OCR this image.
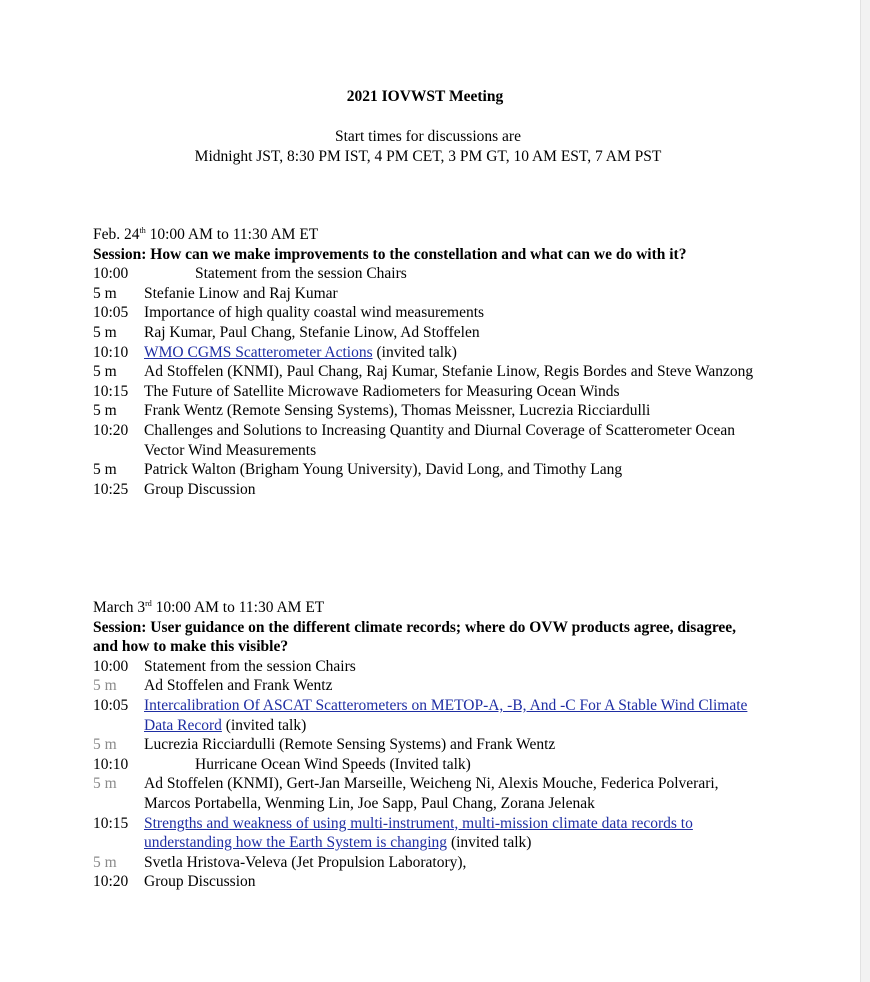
2021 IOVWST Meeting
Start times for discussions are
Midnight JST, 8:30 PM IST, 4 PM CET, 3 PM GT, 10 AM EST, 7 AM PST
Feb. 24th 10:00 AM to 11:30 AM ET
Session: How can we make improvements to the constellation and what can we do with it?
10:00	Statement from the session Chairs
5 m	Stefanie Linow and Raj Kumar
10:05	Importance of high quality coastal wind measurements
5 m	Raj Kumar, Paul Chang, Stefanie Linow, Ad Stoffelen
10:10	WMO CGMS Scatterometer Actions (invited talk)
5 m	Ad Stoffelen (KNMI), Paul Chang, Raj Kumar, Stefanie Linow, Regis Bordes and Steve Wanzong
10:15	The Future of Satellite Microwave Radiometers for Measuring Ocean Winds
5 m	Frank Wentz (Remote Sensing Systems), Thomas Meissner, Lucrezia Ricciardulli
10:20	Challenges and Solutions to Increasing Quantity and Diurnal Coverage of Scatterometer Ocean Vector Wind Measurements
5 m	Patrick Walton (Brigham Young University), David Long, and Timothy Lang
10:25	Group Discussion
March 3rd 10:00 AM to 11:30 AM ET
Session: User guidance on the different climate records; where do OVW products agree, disagree, and how to make this visible?
10:00	Statement from the session Chairs
5 m	Ad Stoffelen and Frank Wentz
10:05	Intercalibration Of ASCAT Scatterometers on METOP-A, -B, And -C For A Stable Wind Climate Data Record (invited talk)
5 m	Lucrezia Ricciardulli (Remote Sensing Systems) and Frank Wentz
10:10	Hurricane Ocean Wind Speeds (Invited talk)
5 m	Ad Stoffelen (KNMI), Gert-Jan Marseille, Weicheng Ni, Alexis Mouche, Federica Polverari, Marcos Portabella, Wenming Lin, Joe Sapp, Paul Chang, Zorana Jelenak
10:15	Strengths and weakness of using multi-instrument, multi-mission climate data records to understanding how the Earth System is changing (invited talk)
5 m	Svetla Hristova-Veleva (Jet Propulsion Laboratory),
10:20	Group Discussion
